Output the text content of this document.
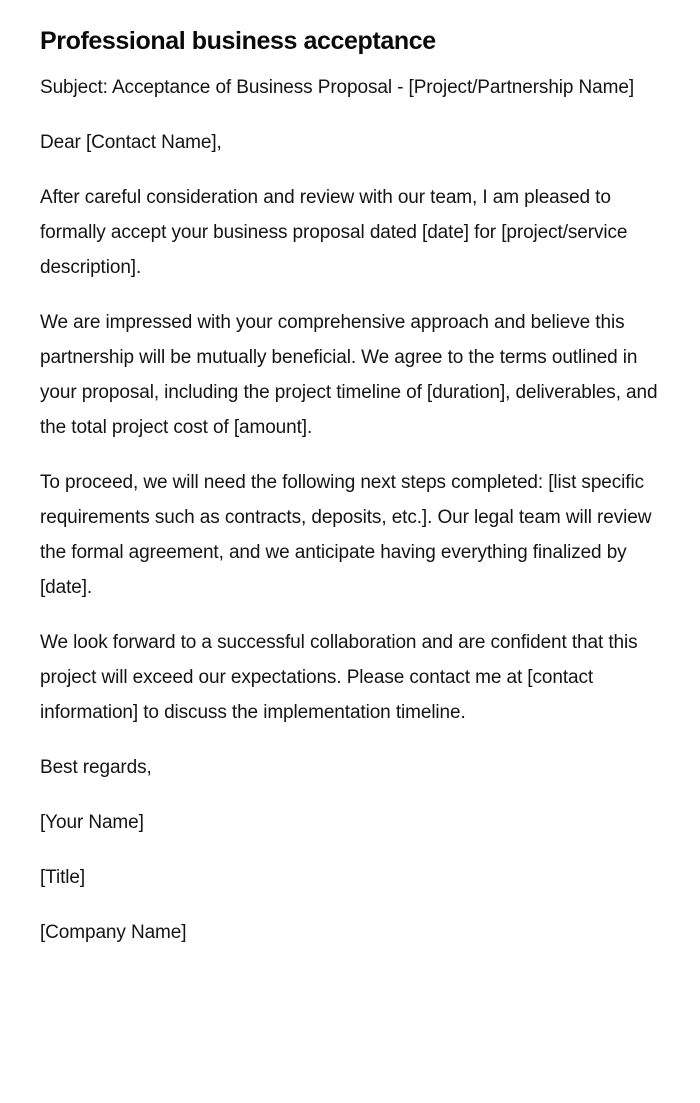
Professional business acceptance

Subject: Acceptance of Business Proposal - [Project/Partnership Name]

Dear [Contact Name],

After careful consideration and review with our team, I am pleased to formally accept your business proposal dated [date] for [project/service description].

We are impressed with your comprehensive approach and believe this partnership will be mutually beneficial. We agree to the terms outlined in your proposal, including the project timeline of [duration], deliverables, and the total project cost of [amount].

To proceed, we will need the following next steps completed: [list specific requirements such as contracts, deposits, etc.]. Our legal team will review the formal agreement, and we anticipate having everything finalized by [date].

We look forward to a successful collaboration and are confident that this project will exceed our expectations. Please contact me at [contact information] to discuss the implementation timeline.

Best regards,

[Your Name]

[Title]

[Company Name]
